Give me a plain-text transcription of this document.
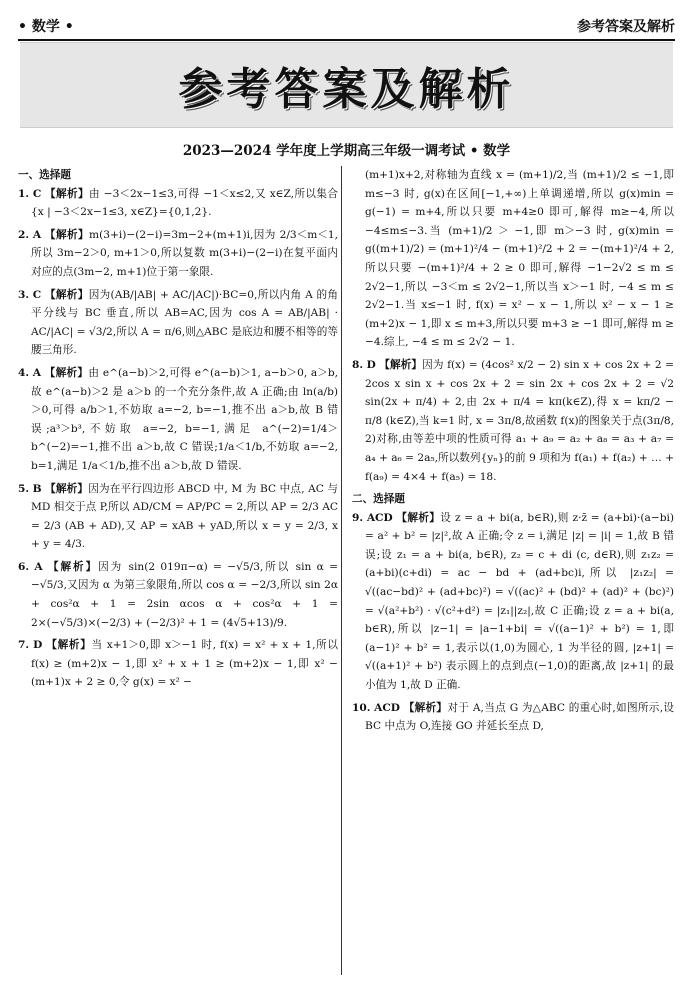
• 数学 •	参考答案及解析
参考答案及解析
2023—2024 学年度上学期高三年级一调考试 • 数学
一、选择题

1. C 【解析】由 −3＜2x−1≤3,可得 −1＜x≤2,又 x∈Z,所以集合{x | −3＜2x−1≤3, x∈Z}={0,1,2}.

2. A 【解析】m(3+i)−(2−i)=3m−2+(m+1)i,因为 2/3＜m＜1,所以 3m−2＞0, m+1＞0,所以复数 m(3+i)−(2−i)在复平面内对应的点(3m−2, m+1)位于第一象限.

3. C 【解析】因为(AB/|AB| + AC/|AC|)·BC=0,所以内角 A 的角平分线与 BC 垂直,所以 AB=AC,因为 cos A = AB/|AB| · AC/|AC| = √3/2,所以 A = π/6,则△ABC 是底边和腰不相等的等腰三角形.

4. A 【解析】由 e^(a−b)＞2,可得 e^(a−b)＞1, a−b＞0, a＞b,故 e^(a−b)＞2 是 a＞b 的一个充分条件,故 A 正确;由 ln(a/b)＞0,可得 a/b＞1,不妨取 a=−2, b=−1,推不出 a＞b,故 B 错误;a³＞b³,不妨取 a=−2, b=−1,满足 a^(−2)=1/4＞b^(−2)=−1,推不出 a＞b,故 C 错误;1/a＜1/b,不妨取 a=−2, b=1,满足 1/a＜1/b,推不出 a＞b,故 D 错误.

5. B 【解析】因为在平行四边形 ABCD 中, M 为 BC 中点, AC 与 MD 相交于点 P,所以 AD/CM = AP/PC = 2,所以 AP = 2/3 AC = 2/3 (AB + AD),又 AP = xAB + yAD,所以 x = y = 2/3, x + y = 4/3.

6. A 【解析】因为 sin(2 019π−α) = −√5/3,所以 sin α = −√5/3,又因为 α 为第三象限角,所以 cos α = −2/3,所以 sin 2α + cos²α + 1 = 2sin αcos α + cos²α + 1 = 2×(−√5/3)×(−2/3) + (−2/3)² + 1 = (4√5+13)/9.

7. D 【解析】当 x+1＞0,即 x＞−1 时, f(x) = x² + x + 1,所以 f(x) ≥ (m+2)x − 1,即 x² + x + 1 ≥ (m+2)x − 1,即 x² − (m+1)x + 2 ≥ 0,令 g(x) = x² −

(m+1)x+2,对称轴为直线 x = (m+1)/2,当 (m+1)/2 ≤ −1,即 m≤−3 时, g(x)在区间[−1,+∞)上单调递增,所以 g(x)min = g(−1) = m+4,所以只要 m+4≥0 即可,解得 m≥−4,所以 −4≤m≤−3.当 (m+1)/2 ＞ −1,即 m＞−3 时, g(x)min = g((m+1)/2) = (m+1)²/4 − (m+1)²/2 + 2 = −(m+1)²/4 + 2,所以只要 −(m+1)²/4 + 2 ≥ 0 即可,解得 −1−2√2 ≤ m ≤ 2√2−1,所以 −3＜m ≤ 2√2−1,所以当 x＞−1 时, −4 ≤ m ≤ 2√2−1.当 x≤−1 时, f(x) = x² − x − 1,所以 x² − x − 1 ≥ (m+2)x − 1,即 x ≤ m+3,所以只要 m+3 ≥ −1 即可,解得 m ≥ −4.综上, −4 ≤ m ≤ 2√2 − 1.

8. D 【解析】因为 f(x) = (4cos² x/2 − 2) sin x + cos 2x + 2 = 2cos x sin x + cos 2x + 2 = sin 2x + cos 2x + 2 = √2 sin(2x + π/4) + 2,由 2x + π/4 = kπ(k∈Z),得 x = kπ/2 − π/8 (k∈Z),当 k=1 时, x = 3π/8,故函数 f(x)的图象关于点(3π/8, 2)对称,由等差中项的性质可得 a₁ + a₉ = a₂ + a₈ = a₃ + a₇ = a₄ + a₆ = 2a₅,所以数列{yₙ}的前 9 项和为 f(a₁) + f(a₂) + … + f(a₉) = 4×4 + f(a₅) = 18.

二、选择题

9. ACD 【解析】设 z = a + bi(a, b∈R),则 z·z̄ = (a+bi)·(a−bi) = a² + b² = |z|²,故 A 正确;令 z = i,满足 |z| = |i| = 1,故 B 错误;设 z₁ = a + bi(a, b∈R), z₂ = c + di (c, d∈R),则 z₁z₂ = (a+bi)(c+di) = ac − bd + (ad+bc)i,所以 |z₁z₂| = √((ac−bd)² + (ad+bc)²) = √((ac)² + (bd)² + (ad)² + (bc)²) = √(a²+b²) · √(c²+d²) = |z₁||z₂|,故 C 正确;设 z = a + bi(a, b∈R),所以 |z−1| = |a−1+bi| = √((a−1)² + b²) = 1,即 (a−1)² + b² = 1,表示以(1,0)为圆心, 1 为半径的圆, |z+1| = √((a+1)² + b²) 表示圆上的点到点(−1,0)的距离,故 |z+1| 的最小值为 1,故 D 正确.

10. ACD 【解析】对于 A,当点 G 为△ABC 的重心时,如图所示,设 BC 中点为 O,连接 GO 并延长至点 D,
